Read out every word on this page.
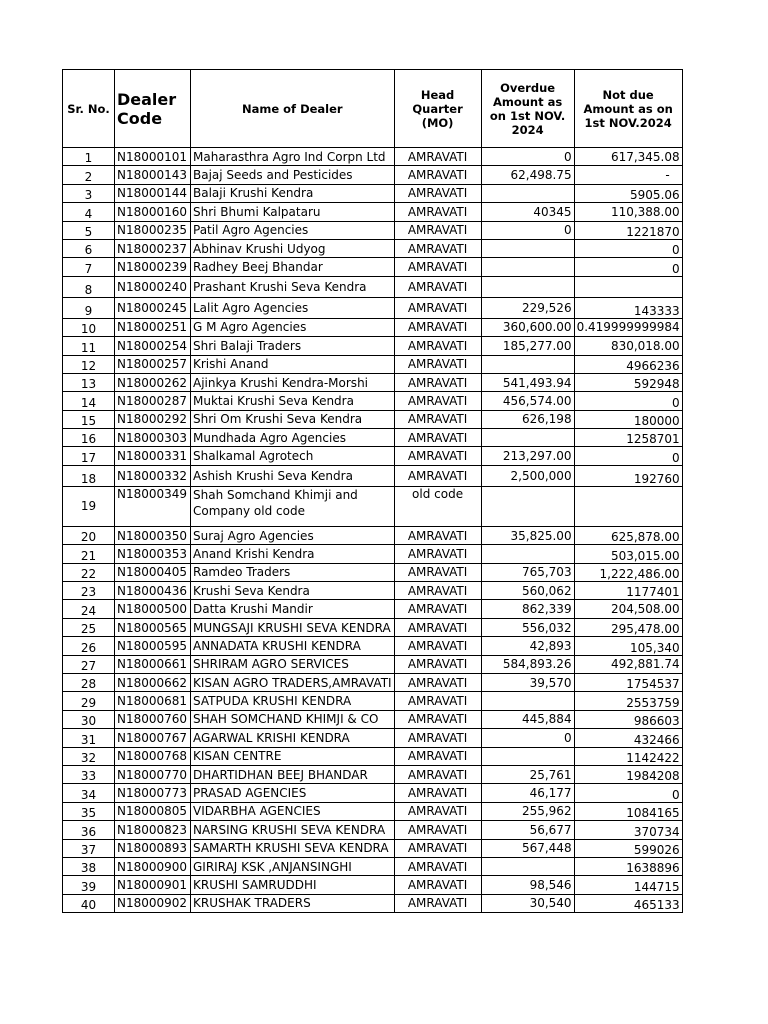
Sr. No.	Dealer Code	Name of Dealer	Head Quarter (MO)	Overdue Amount as on 1st NOV. 2024	Not due Amount as on 1st NOV.2024
1	N18000101	Maharasthra Agro Ind Corpn Ltd	AMRAVATI	0	617,345.08
2	N18000143	Bajaj Seeds and Pesticides	AMRAVATI	62,498.75	-
3	N18000144	Balaji Krushi Kendra	AMRAVATI		5905.06
4	N18000160	Shri Bhumi Kalpataru	AMRAVATI	40345	110,388.00
5	N18000235	Patil Agro Agencies	AMRAVATI	0	1221870
6	N18000237	Abhinav Krushi Udyog	AMRAVATI		0
7	N18000239	Radhey Beej Bhandar	AMRAVATI		0
8	N18000240	Prashant Krushi Seva Kendra	AMRAVATI		
9	N18000245	Lalit Agro Agencies	AMRAVATI	229,526	143333
10	N18000251	G M Agro Agencies	AMRAVATI	360,600.00	0.419999999984
11	N18000254	Shri Balaji Traders	AMRAVATI	185,277.00	830,018.00
12	N18000257	Krishi Anand	AMRAVATI		4966236
13	N18000262	Ajinkya Krushi Kendra-Morshi	AMRAVATI	541,493.94	592948
14	N18000287	Muktai Krushi Seva Kendra	AMRAVATI	456,574.00	0
15	N18000292	Shri Om Krushi Seva Kendra	AMRAVATI	626,198	180000
16	N18000303	Mundhada Agro Agencies	AMRAVATI		1258701
17	N18000331	Shalkamal Agrotech	AMRAVATI	213,297.00	0
18	N18000332	Ashish Krushi Seva Kendra	AMRAVATI	2,500,000	192760
19	N18000349	Shah Somchand Khimji and Company old code	old code		
20	N18000350	Suraj Agro Agencies	AMRAVATI	35,825.00	625,878.00
21	N18000353	Anand Krishi Kendra	AMRAVATI		503,015.00
22	N18000405	Ramdeo Traders	AMRAVATI	765,703	1,222,486.00
23	N18000436	Krushi Seva Kendra	AMRAVATI	560,062	1177401
24	N18000500	Datta Krushi Mandir	AMRAVATI	862,339	204,508.00
25	N18000565	MUNGSAJI KRUSHI SEVA KENDRA	AMRAVATI	556,032	295,478.00
26	N18000595	ANNADATA KRUSHI KENDRA	AMRAVATI	42,893	105,340
27	N18000661	SHRIRAM AGRO SERVICES	AMRAVATI	584,893.26	492,881.74
28	N18000662	KISAN AGRO TRADERS,AMRAVATI	AMRAVATI	39,570	1754537
29	N18000681	SATPUDA KRUSHI KENDRA	AMRAVATI		2553759
30	N18000760	SHAH SOMCHAND KHIMJI & CO	AMRAVATI	445,884	986603
31	N18000767	AGARWAL KRISHI KENDRA	AMRAVATI	0	432466
32	N18000768	KISAN CENTRE	AMRAVATI		1142422
33	N18000770	DHARTIDHAN BEEJ BHANDAR	AMRAVATI	25,761	1984208
34	N18000773	PRASAD AGENCIES	AMRAVATI	46,177	0
35	N18000805	VIDARBHA AGENCIES	AMRAVATI	255,962	1084165
36	N18000823	NARSING KRUSHI SEVA KENDRA	AMRAVATI	56,677	370734
37	N18000893	SAMARTH KRUSHI SEVA KENDRA	AMRAVATI	567,448	599026
38	N18000900	GIRIRAJ KSK ,ANJANSINGHI	AMRAVATI		1638896
39	N18000901	KRUSHI SAMRUDDHI	AMRAVATI	98,546	144715
40	N18000902	KRUSHAK TRADERS	AMRAVATI	30,540	465133
